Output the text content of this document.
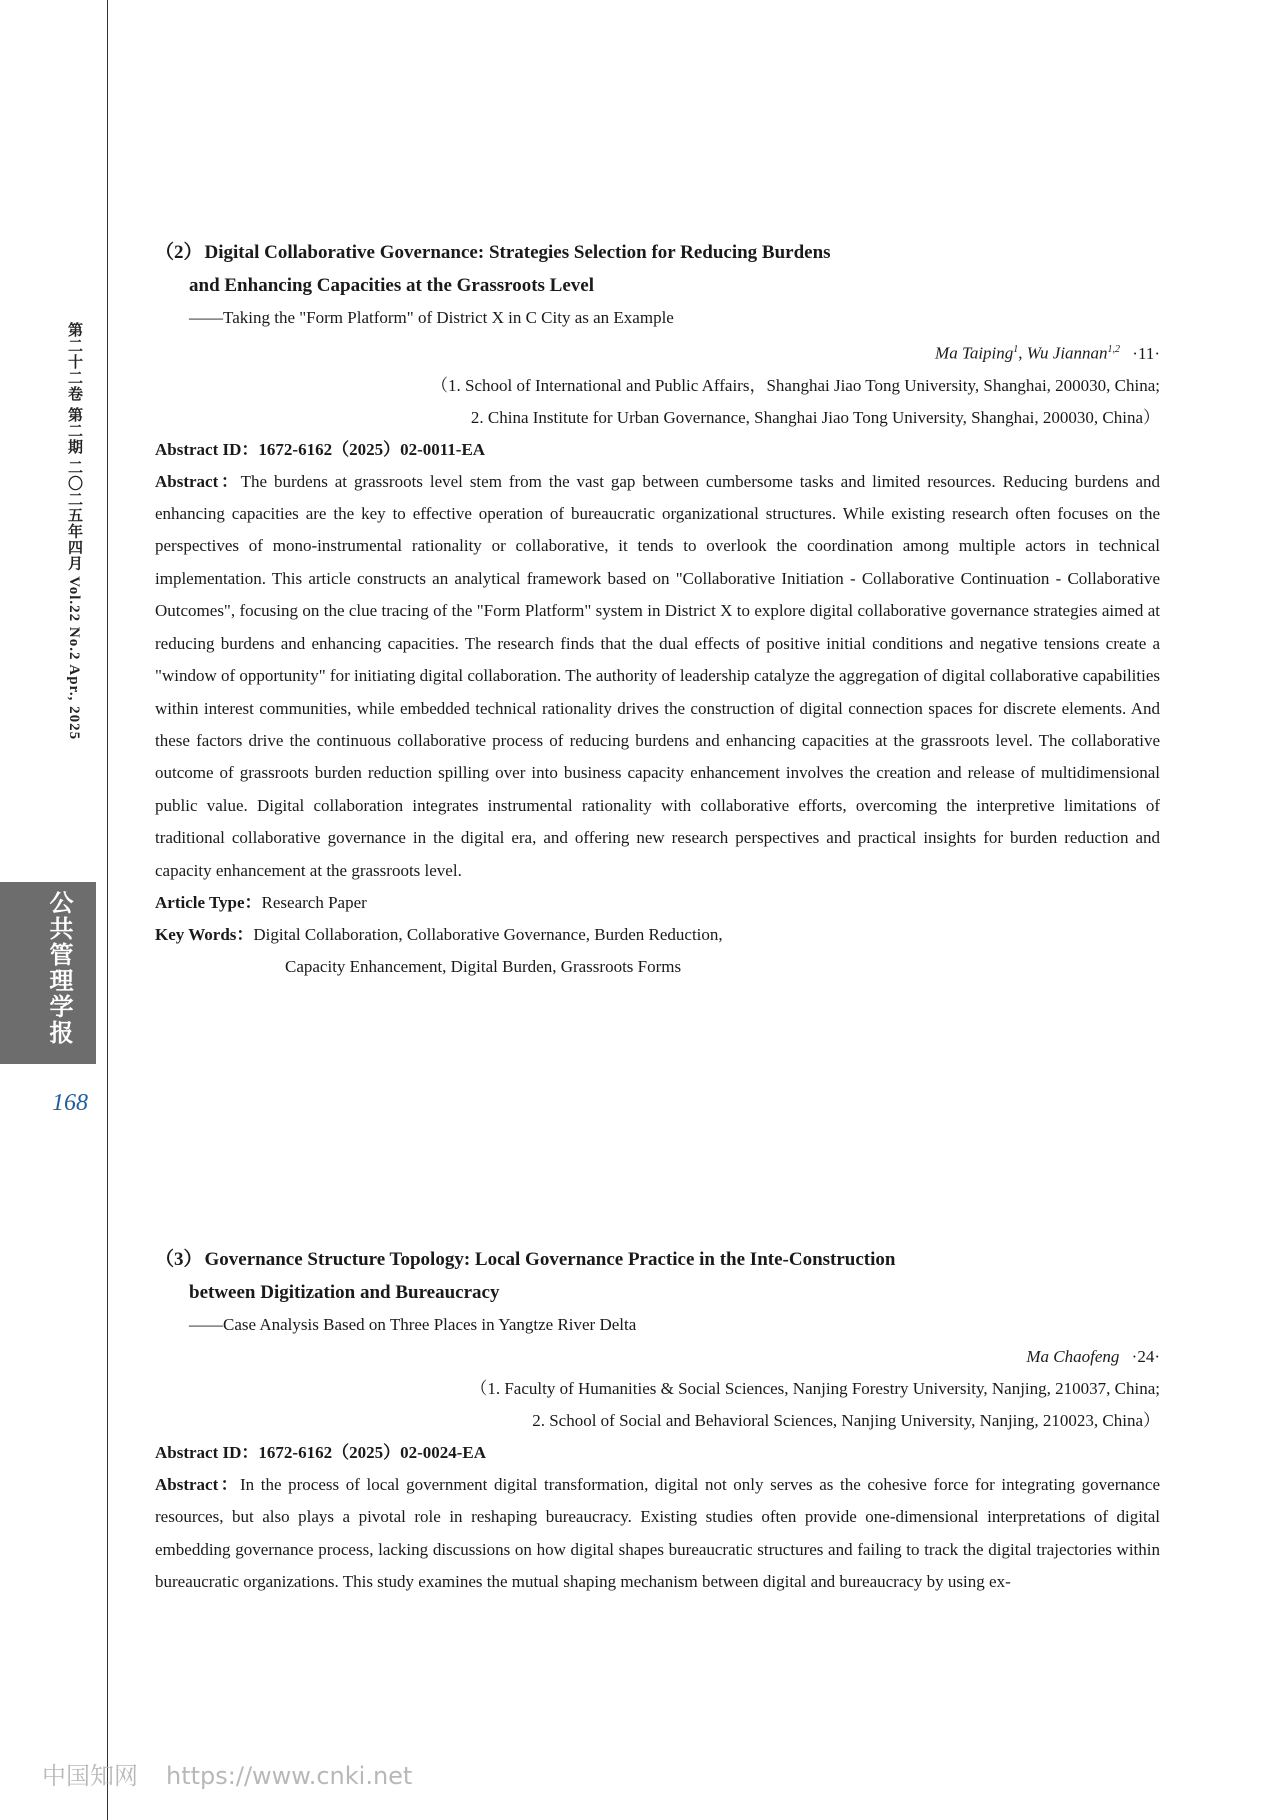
第二十二卷 第二期 二〇二五年四月 Vol.22 No.2 Apr., 2025
公共管理学报
168
（2） Digital Collaborative Governance: Strategies Selection for Reducing Burdens
and Enhancing Capacities at the Grassroots Level
——Taking the "Form Platform" of District X in C City as an Example
Ma Taiping$^1$, Wu Jiannan$^{1,2}$ ·11·
（1. School of International and Public Affairs，Shanghai Jiao Tong University, Shanghai, 200030, China;
2. China Institute for Urban Governance, Shanghai Jiao Tong University, Shanghai, 200030, China）
Abstract ID：1672-6162（2025）02-0011-EA

Abstract：The burdens at grassroots level stem from the vast gap between cumbersome tasks and limited resources. Reducing burdens and enhancing capacities are the key to effective operation of bureaucratic organizational structures. While existing research often focuses on the perspectives of mono-instrumental rationality or collaborative, it tends to overlook the coordination among multiple actors in technical implementation. This article constructs an analytical framework based on "Collaborative Initiation - Collaborative Continuation - Collaborative Outcomes", focusing on the clue tracing of the "Form Platform" system in District X to explore digital collaborative governance strategies aimed at reducing burdens and enhancing capacities. The research finds that the dual effects of positive initial conditions and negative tensions create a "window of opportunity" for initiating digital collaboration. The authority of leadership catalyze the aggregation of digital collaborative capabilities within interest communities, while embedded technical rationality drives the construction of digital connection spaces for discrete elements. And these factors drive the continuous collaborative process of reducing burdens and enhancing capacities at the grassroots level. The collaborative outcome of grassroots burden reduction spilling over into business capacity enhancement involves the creation and release of multidimensional public value. Digital collaboration integrates instrumental rationality with collaborative efforts, overcoming the interpretive limitations of traditional collaborative governance in the digital era, and offering new research perspectives and practical insights for burden reduction and capacity enhancement at the grassroots level.

Article Type：Research Paper
Key Words：Digital Collaboration, Collaborative Governance, Burden Reduction,
Capacity Enhancement, Digital Burden, Grassroots Forms
（3） Governance Structure Topology: Local Governance Practice in the Inte-Construction
between Digitization and Bureaucracy
——Case Analysis Based on Three Places in Yangtze River Delta
Ma Chaofeng ·24·
（1. Faculty of Humanities & Social Sciences, Nanjing Forestry University, Nanjing, 210037, China;
2. School of Social and Behavioral Sciences, Nanjing University, Nanjing, 210023, China）
Abstract ID：1672-6162（2025）02-0024-EA

Abstract：In the process of local government digital transformation, digital not only serves as the cohesive force for integrating governance resources, but also plays a pivotal role in reshaping bureaucracy. Existing studies often provide one-dimensional interpretations of digital embedding governance process, lacking discussions on how digital shapes bureaucratic structures and failing to track the digital trajectories within bureaucratic organizations. This study examines the mutual shaping mechanism between digital and bureaucracy by using ex-

中国知网 https://www.cnki.net
